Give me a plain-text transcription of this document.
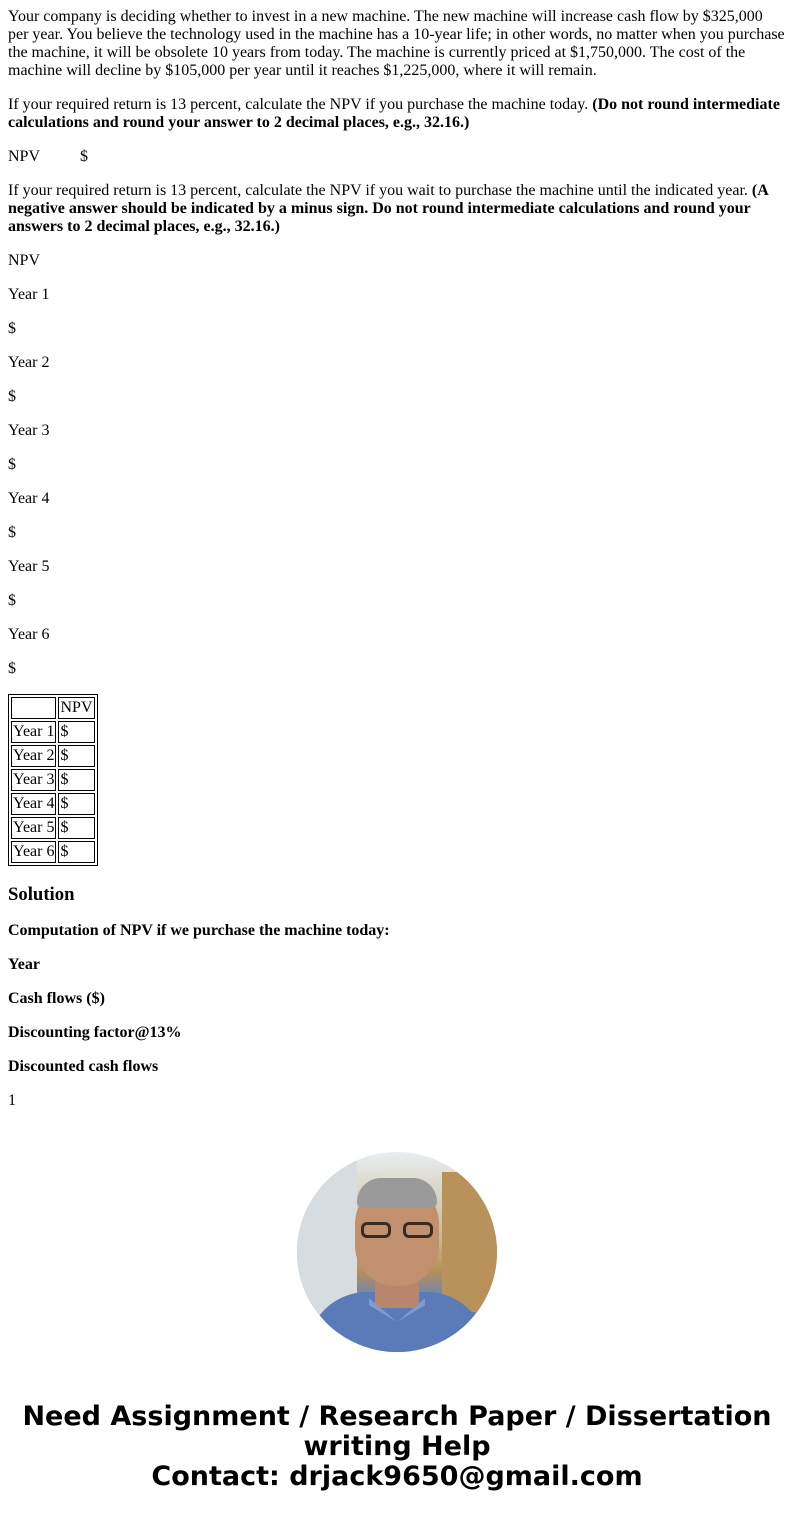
Your company is deciding whether to invest in a new machine. The new machine will increase cash flow by $325,000 per year. You believe the technology used in the machine has a 10-year life; in other words, no matter when you purchase the machine, it will be obsolete 10 years from today. The machine is currently priced at $1,750,000. The cost of the machine will decline by $105,000 per year until it reaches $1,225,000, where it will remain.

If your required return is 13 percent, calculate the NPV if you purchase the machine today. (Do not round intermediate calculations and round your answer to 2 decimal places, e.g., 32.16.)

NPV	$

If your required return is 13 percent, calculate the NPV if you wait to purchase the machine until the indicated year. (A negative answer should be indicated by a minus sign. Do not round intermediate calculations and round your answers to 2 decimal places, e.g., 32.16.)

NPV

Year 1

$

Year 2

$

Year 3

$

Year 4

$

Year 5

$

Year 6

$

	NPV
Year 1	$
Year 2	$
Year 3	$
Year 4	$
Year 5	$
Year 6	$
Solution

Computation of NPV if we purchase the machine today:

Year

Cash flows ($)

Discounting factor@13%

Discounted cash flows

1

Need Assignment / Research Paper / Dissertation
writing Help
Contact: drjack9650@gmail.com
